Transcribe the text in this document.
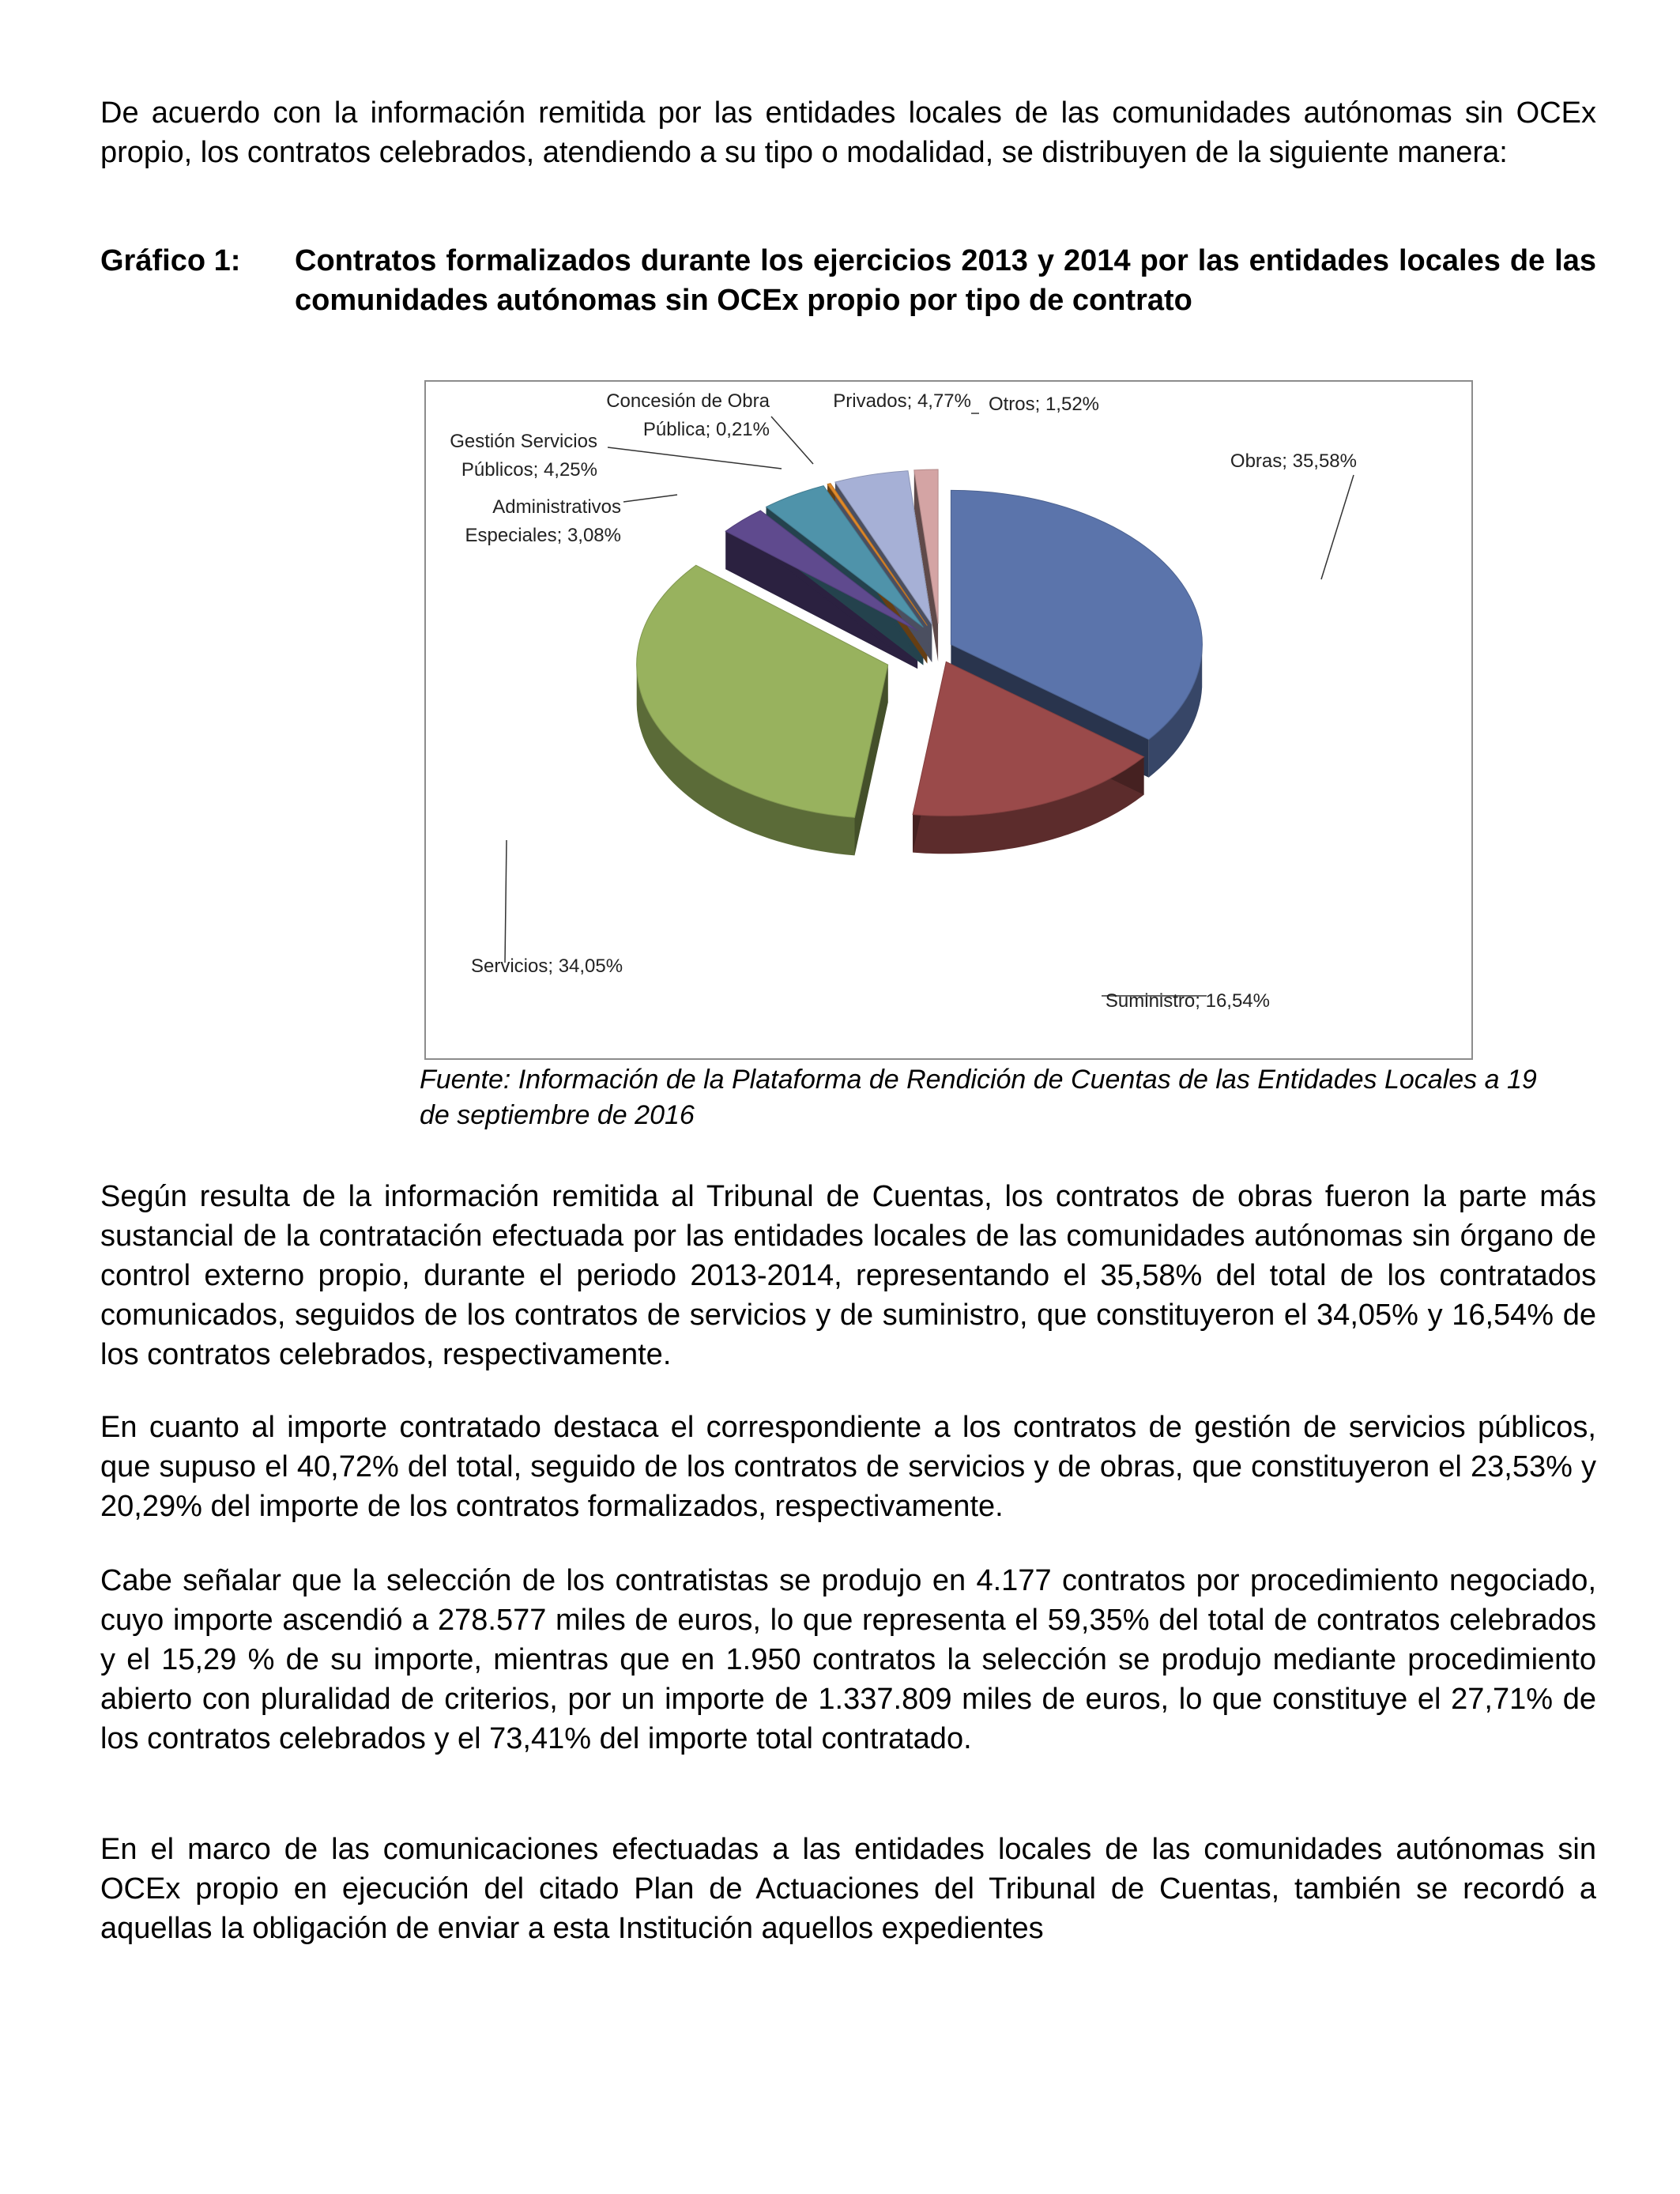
De acuerdo con la información remitida por las entidades locales de las comunidades autónomas sin OCEx propio, los contratos celebrados, atendiendo a su tipo o modalidad, se distribuyen de la siguiente manera:

Gráfico 1: Contratos formalizados durante los ejercicios 2013 y 2014 por las entidades locales de las comunidades autónomas sin OCEx propio por tipo de contrato
Obras; 35,58%
Suministro; 16,54%
Servicios; 34,05%
Administrativos
Especiales; 3,08%
Gestión Servicios
Públicos; 4,25%
Concesión de Obra
Pública; 0,21%
Privados; 4,77% Otros; 1,52%
Fuente: Información de la Plataforma de Rendición de Cuentas de las Entidades Locales a 19 de septiembre de 2016

Según resulta de la información remitida al Tribunal de Cuentas, los contratos de obras fueron la parte más sustancial de la contratación efectuada por las entidades locales de las comunidades autónomas sin órgano de control externo propio, durante el periodo 2013-2014, representando el 35,58% del total de los contratados comunicados, seguidos de los contratos de servicios y de suministro, que constituyeron el 34,05% y 16,54% de los contratos celebrados, respectivamente.

En cuanto al importe contratado destaca el correspondiente a los contratos de gestión de servicios públicos, que supuso el 40,72% del total, seguido de los contratos de servicios y de obras, que constituyeron el 23,53% y 20,29% del importe de los contratos formalizados, respectivamente.

Cabe señalar que la selección de los contratistas se produjo en 4.177 contratos por procedimiento negociado, cuyo importe ascendió a 278.577 miles de euros, lo que representa el 59,35% del total de contratos celebrados y el 15,29 % de su importe, mientras que en 1.950 contratos la selección se produjo mediante procedimiento abierto con pluralidad de criterios, por un importe de 1.337.809 miles de euros, lo que constituye el 27,71% de los contratos celebrados y el 73,41% del importe total contratado.

En el marco de las comunicaciones efectuadas a las entidades locales de las comunidades autónomas sin OCEx propio en ejecución del citado Plan de Actuaciones del Tribunal de Cuentas, también se recordó a aquellas la obligación de enviar a esta Institución aquellos expedientes
